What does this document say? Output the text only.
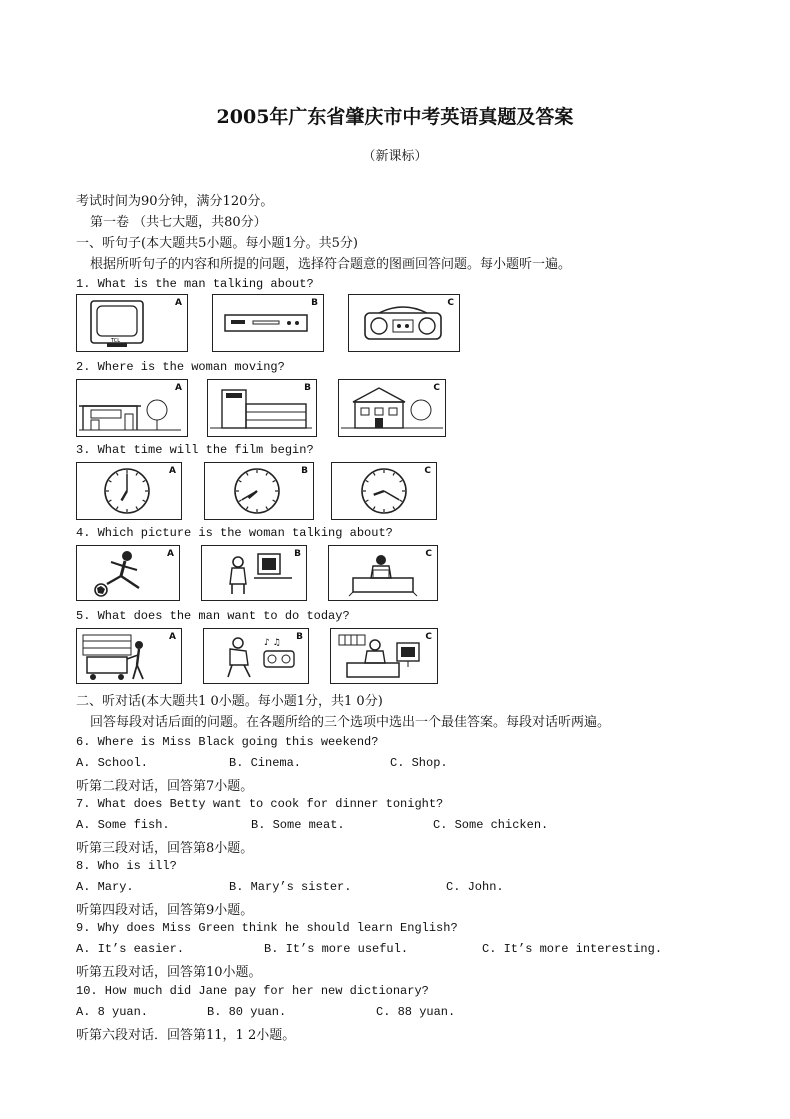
2005年广东省肇庆市中考英语真题及答案
（新课标）
考试时间为90分钟，满分120分。
第一卷 （共七大题，共80分）
一、听句子(本大题共5小题。每小题1分。共5分)
根据所听句子的内容和所提的问题，选择符合题意的图画回答问题。每小题听一遍。
1. What is the man talking about?
A
TCL
B	C
2. Where is the woman moving?
A	B	C
3. What time will the film begin?
A	B	C
4. Which picture is the woman talking about?
A	B	C
5. What does the man want to do today?
A	B
♪ ♫
C
二、听对话(本大题共1 0小题。每小题1分，共1 0分)
回答每段对话后面的问题。在各题所给的三个选项中选出一个最佳答案。每段对话听两遍。
6. Where is Miss Black going this weekend?
A. School.	B. Cinema.	C. Shop.
听第二段对话，回答第7小题。
7. What does Betty want to cook for dinner tonight?
A. Some fish.	B. Some meat.	C. Some chicken.
听第三段对话，回答第8小题。
8. Who is ill?
A. Mary.	B. Mary’s sister.	C. John.
听第四段对话，回答第9小题。
9. Why does Miss Green think he should learn English?
A. It’s easier.	B. It’s more useful.	C. It’s more interesting.
听第五段对话，回答第10小题。
10. How much did Jane pay for her new dictionary?
A. 8 yuan.	B. 80 yuan.	C. 88 yuan.
听第六段对话．回答第11，1 2小题。
